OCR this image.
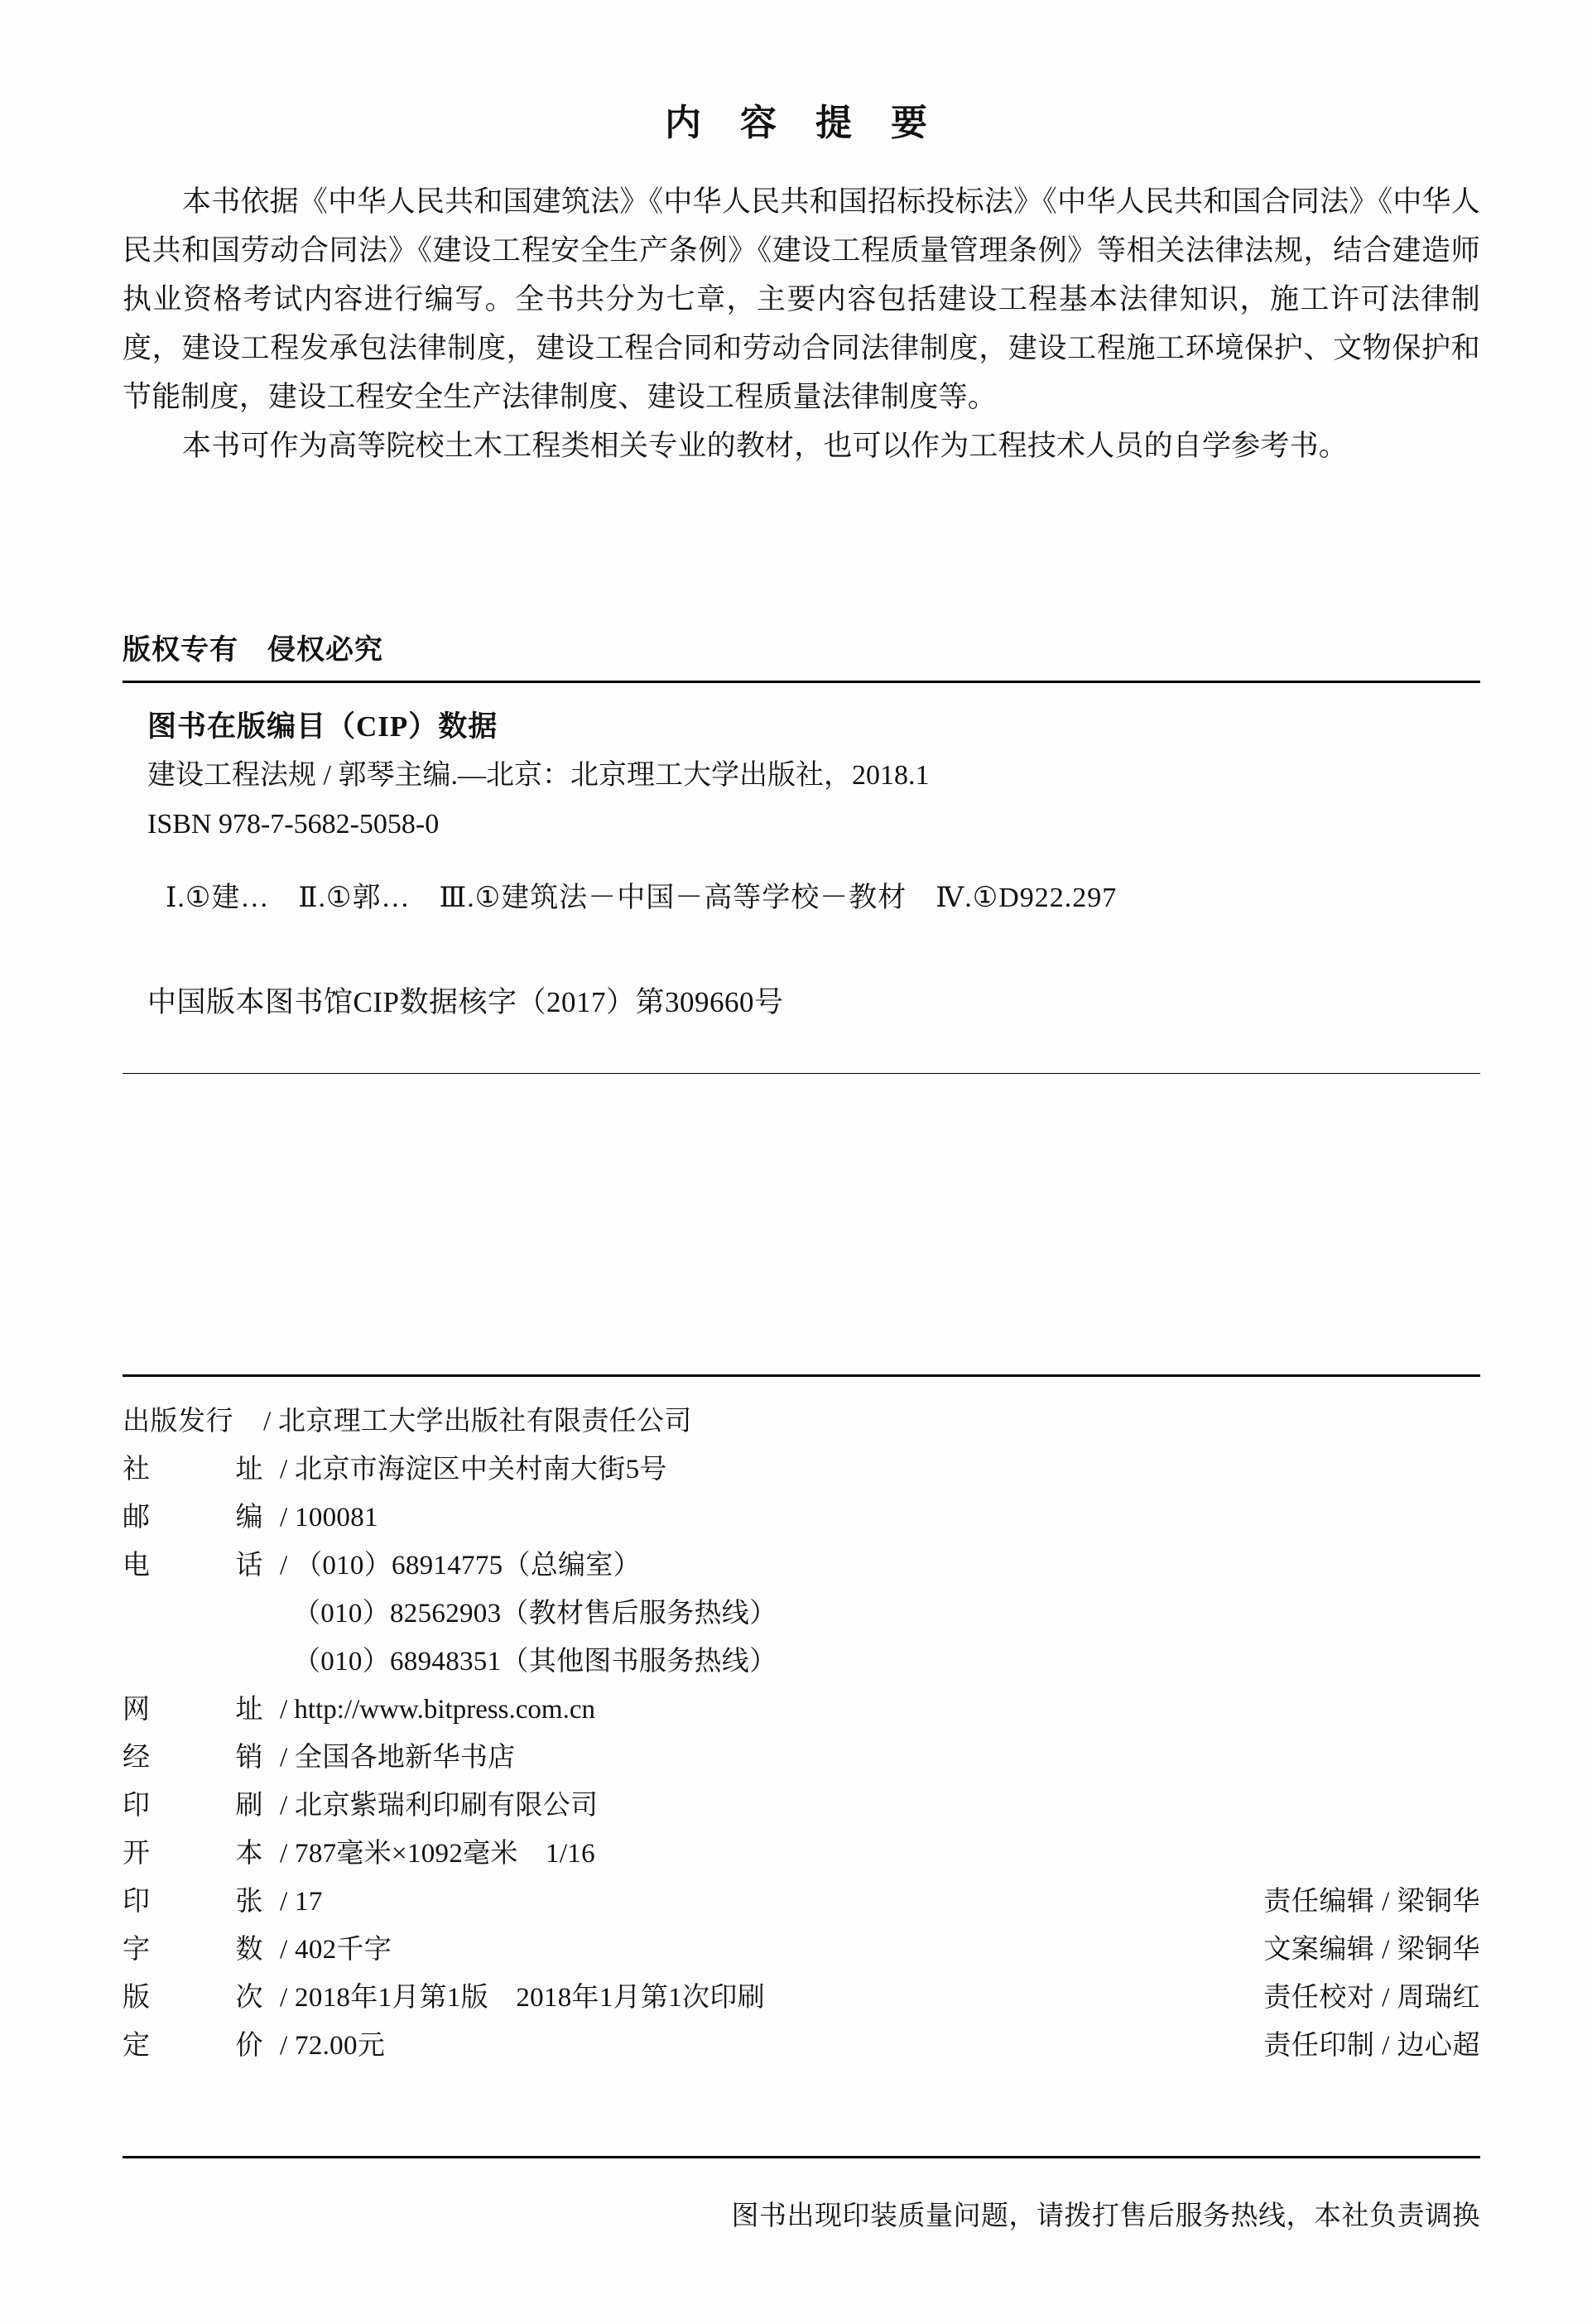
内 容 提 要

本书依据《中华人民共和国建筑法》《中华人民共和国招标投标法》《中华人民共和国合同法》《中华人民共和国劳动合同法》《建设工程安全生产条例》《建设工程质量管理条例》等相关法律法规，结合建造师执业资格考试内容进行编写。全书共分为七章，主要内容包括建设工程基本法律知识，施工许可法律制度，建设工程发承包法律制度，建设工程合同和劳动合同法律制度，建设工程施工环境保护、文物保护和节能制度，建设工程安全生产法律制度、建设工程质量法律制度等。

本书可作为高等院校土木工程类相关专业的教材，也可以作为工程技术人员的自学参考书。

版权专有　侵权必究
图书在版编目（CIP）数据
建设工程法规 / 郭琴主编.—北京：北京理工大学出版社，2018.1
ISBN 978-7-5682-5058-0
Ⅰ.①建…　Ⅱ.①郭…　Ⅲ.①建筑法－中国－高等学校－教材　Ⅳ.①D922.297
中国版本图书馆CIP数据核字（2017）第309660号
出版发行	/ 北京理工大学出版社有限责任公司
社	址 / 北京市海淀区中关村南大街5号
邮	编 / 100081
电	话 / （010）68914775（总编室）
（010）82562903（教材售后服务热线）
（010）68948351（其他图书服务热线）
网	址 / http://www.bitpress.com.cn
经	销 / 全国各地新华书店
印	刷 / 北京紫瑞利印刷有限公司
开	本 / 787毫米×1092毫米　1/16
印	张 / 17	责任编辑 / 梁铜华
字	数 / 402千字	文案编辑 / 梁铜华
版	次 / 2018年1月第1版　2018年1月第1次印刷	责任校对 / 周瑞红
定	价 / 72.00元	责任印制 / 边心超
图书出现印装质量问题，请拨打售后服务热线，本社负责调换
